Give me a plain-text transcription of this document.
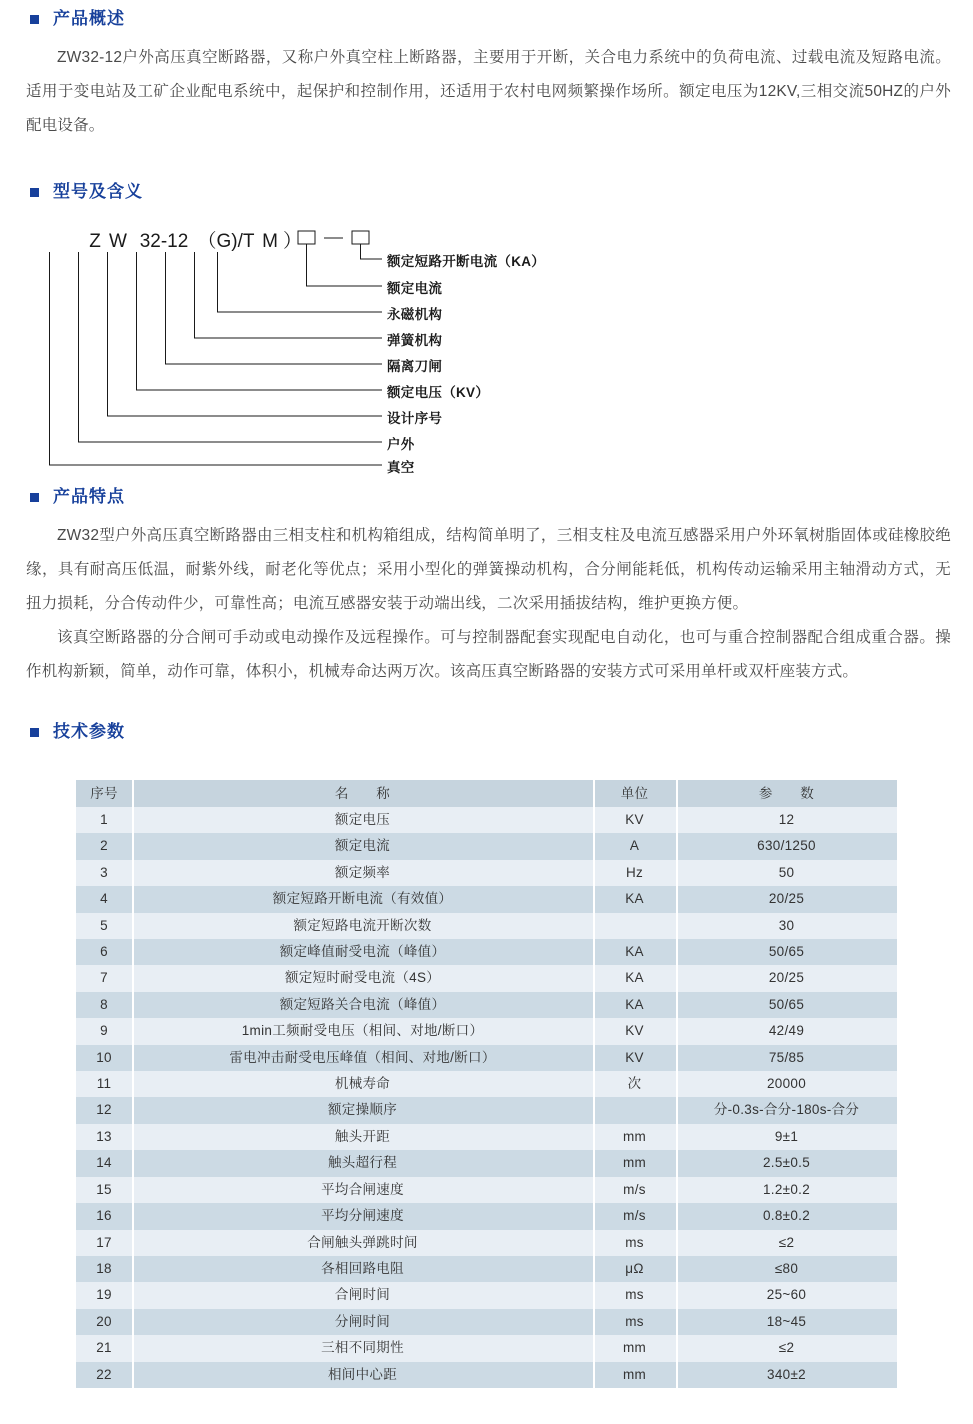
产品概述

ZW32-12户外高压真空断路器，又称户外真空柱上断路器，主要用于开断，关合电力系统中的负荷电流、过载电流及短路电流。适用于变电站及工矿企业配电系统中，起保护和控制作用，还适用于农村电网频繁操作场所。额定电压为12KV,三相交流50HZ的户外配电设备。

型号及含义
Z W 32-12 （G)/T M ）
额定短路开断电流（KA）
额定电流
永磁机构
弹簧机构
隔离刀闸
额定电压（KV）
设计序号
户外
真空
产品特点

ZW32型户外高压真空断路器由三相支柱和机构箱组成，结构简单明了，三相支柱及电流互感器采用户外环氧树脂固体或硅橡胶绝缘，具有耐高压低温，耐紫外线，耐老化等优点；采用小型化的弹簧操动机构，合分闸能耗低，机构传动运输采用主轴滑动方式，无扭力损耗，分合传动件少，可靠性高；电流互感器安装于动端出线，二次采用插拔结构，维护更换方便。

该真空断路器的分合闸可手动或电动操作及远程操作。可与控制器配套实现配电自动化，也可与重合控制器配合组成重合器。操作机构新颖，简单，动作可靠，体积小，机械寿命达两万次。该高压真空断路器的安装方式可采用单杆或双杆座装方式。

技术参数
序号	名　　称	单位	参　　数
1	额定电压	KV	12
2	额定电流	A	630/1250
3	额定频率	Hz	50
4	额定短路开断电流（有效值）	KA	20/25
5	额定短路电流开断次数		30
6	额定峰值耐受电流（峰值）	KA	50/65
7	额定短时耐受电流（4S）	KA	20/25
8	额定短路关合电流（峰值）	KA	50/65
9	1min工频耐受电压（相间、对地/断口）	KV	42/49
10	雷电冲击耐受电压峰值（相间、对地/断口）	KV	75/85
11	机械寿命	次	20000
12	额定操顺序		分-0.3s-合分-180s-合分
13	触头开距	mm	9±1
14	触头超行程	mm	2.5±0.5
15	平均合闸速度	m/s	1.2±0.2
16	平均分闸速度	m/s	0.8±0.2
17	合闸触头弹跳时间	ms	≤2
18	各相回路电阻	μΩ	≤80
19	合闸时间	ms	25~60
20	分闸时间	ms	18~45
21	三相不同期性	mm	≤2
22	相间中心距	mm	340±2
